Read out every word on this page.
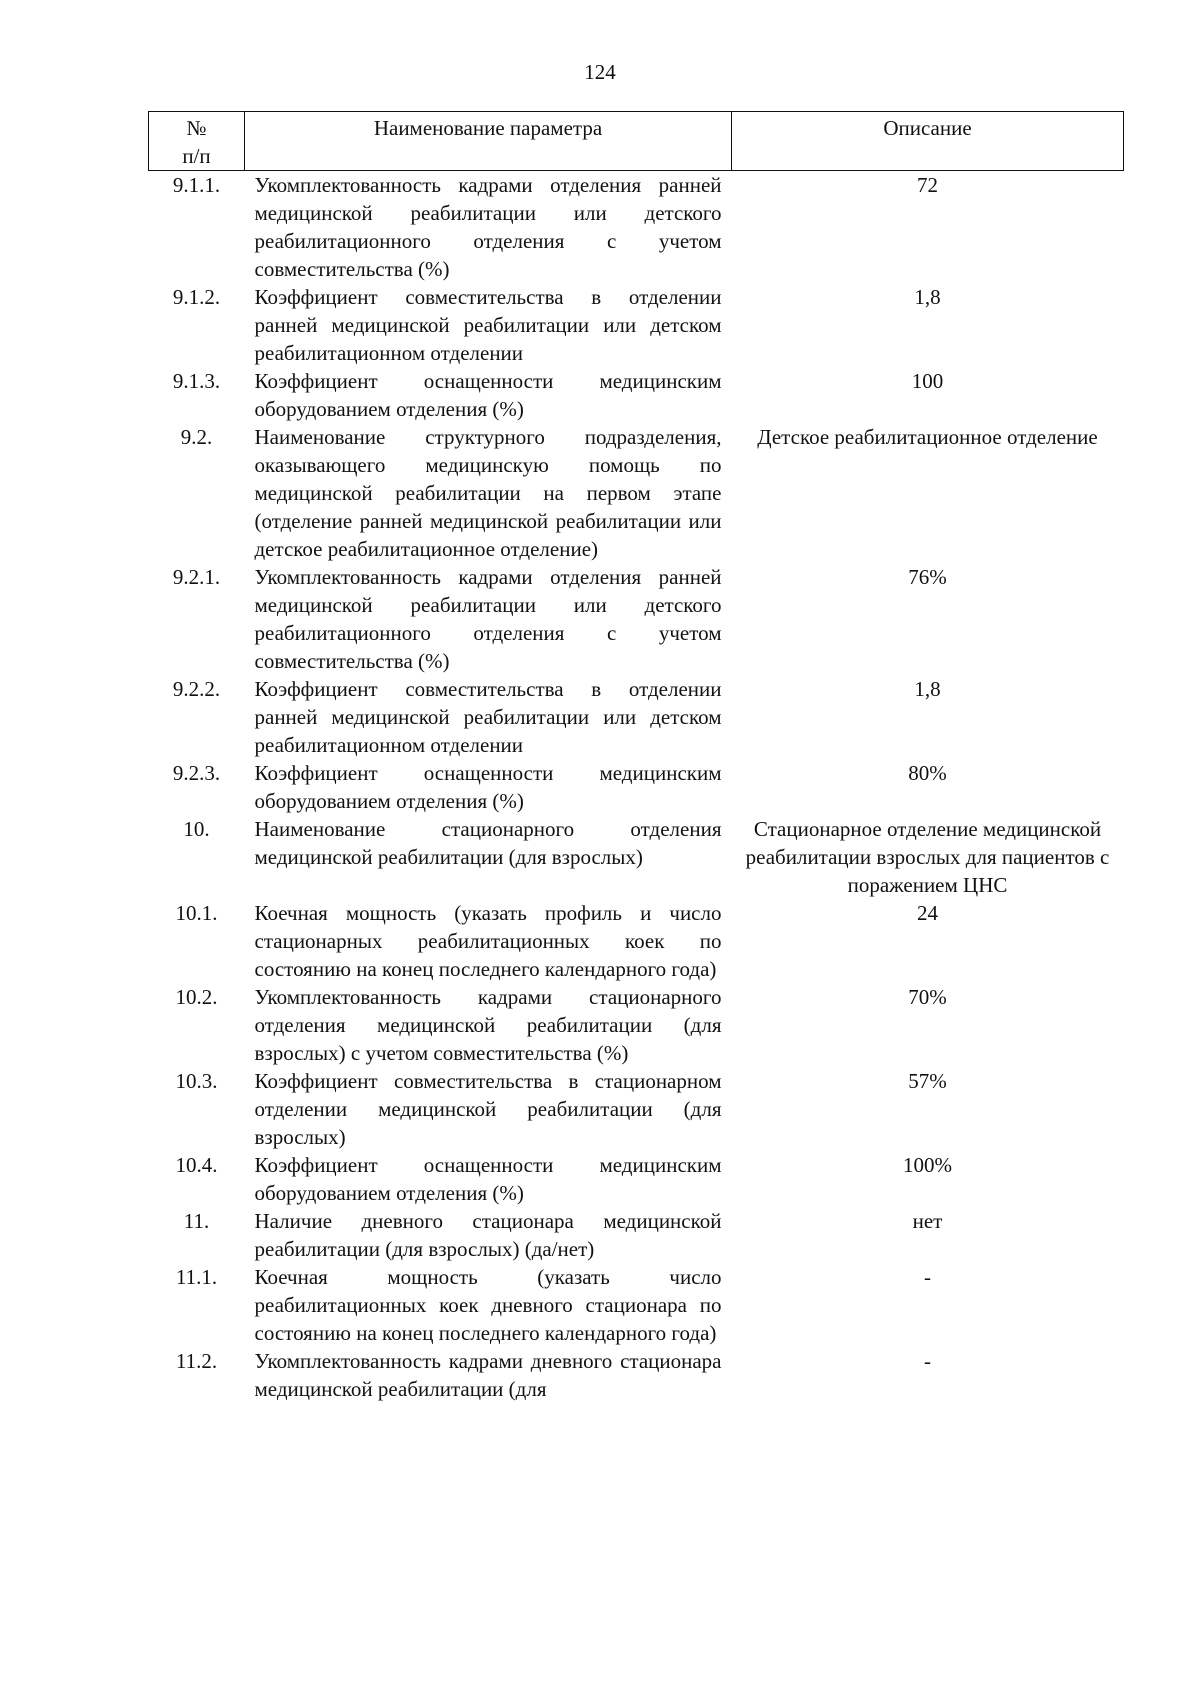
124
№
п/п	Наименование параметра	Описание
9.1.1.	Укомплектованность кадрами отделения ранней медицинской реабилитации или детского реабилитационного отделения с учетом совместительства (%)	72
9.1.2.	Коэффициент совместительства в отделении ранней медицинской реабилитации или детском реабилитационном отделении	1,8
9.1.3.	Коэффициент оснащенности медицинским оборудованием отделения (%)	100
9.2.	Наименование структурного подразделения, оказывающего медицинскую помощь по медицинской реабилитации на первом этапе (отделение ранней медицинской реабилитации или детское реабилитационное отделение)	Детское реабилитационное отделение
9.2.1.	Укомплектованность кадрами отделения ранней медицинской реабилитации или детского реабилитационного отделения с учетом совместительства (%)	76%
9.2.2.	Коэффициент совместительства в отделении ранней медицинской реабилитации или детском реабилитационном отделении	1,8
9.2.3.	Коэффициент оснащенности медицинским оборудованием отделения (%)	80%
10.	Наименование стационарного отделения медицинской реабилитации (для взрослых)	Стационарное отделение медицинской реабилитации взрослых для пациентов с поражением ЦНС
10.1.	Коечная мощность (указать профиль и число стационарных реабилитационных коек по состоянию на конец последнего календарного года)	24
10.2.	Укомплектованность кадрами стационарного отделения медицинской реабилитации (для взрослых) с учетом совместительства (%)	70%
10.3.	Коэффициент совместительства в стационарном отделении медицинской реабилитации (для взрослых)	57%
10.4.	Коэффициент оснащенности медицинским оборудованием отделения (%)	100%
11.	Наличие дневного стационара медицинской реабилитации (для взрослых) (да/нет)	нет
11.1.	Коечная мощность (указать число реабилитационных коек дневного стационара по состоянию на конец последнего календарного года)	-
11.2.	Укомплектованность кадрами дневного стационара медицинской реабилитации (для	-
